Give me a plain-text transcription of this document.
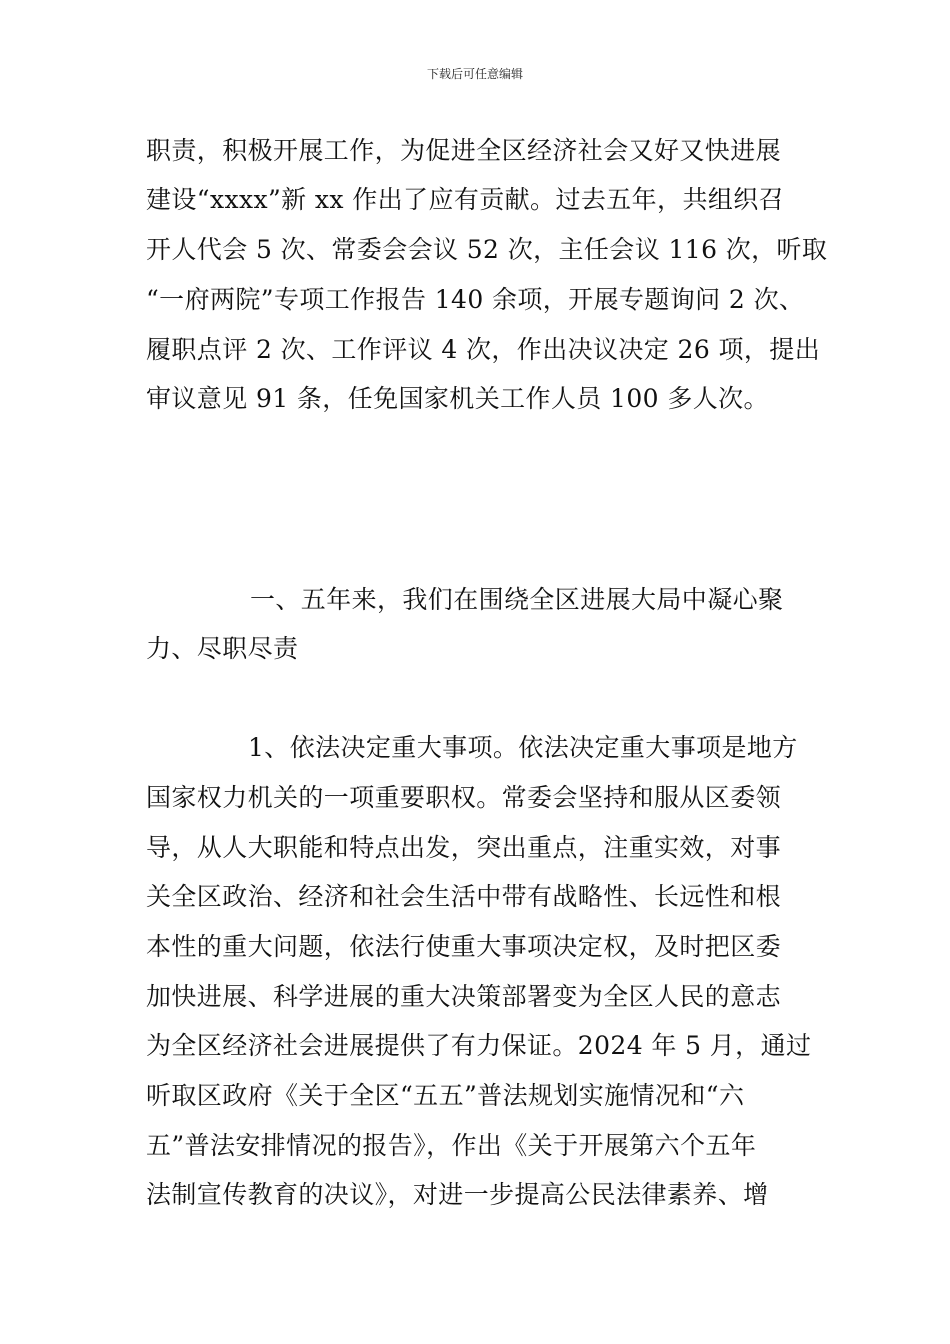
下载后可任意编辑
职责，积极开展工作，为促进全区经济社会又好又快进展
建设“xxxx”新 xx 作出了应有贡献。过去五年，共组织召
开人代会 5 次、常委会会议 52 次，主任会议 116 次，听取
“一府两院”专项工作报告 140 余项，开展专题询问 2 次、
履职点评 2 次、工作评议 4 次，作出决议决定 26 项，提出
审议意见 91 条，任免国家机关工作人员 100 多人次。
一、五年来，我们在围绕全区进展大局中凝心聚
力、尽职尽责
1、依法决定重大事项。依法决定重大事项是地方
国家权力机关的一项重要职权。常委会坚持和服从区委领
导，从人大职能和特点出发，突出重点，注重实效，对事
关全区政治、经济和社会生活中带有战略性、长远性和根
本性的重大问题，依法行使重大事项决定权，及时把区委
加快进展、科学进展的重大决策部署变为全区人民的意志
为全区经济社会进展提供了有力保证。2024 年 5 月，通过
听取区政府《关于全区“五五”普法规划实施情况和“六
五”普法安排情况的报告》，作出《关于开展第六个五年
法制宣传教育的决议》，对进一步提高公民法律素养、增
